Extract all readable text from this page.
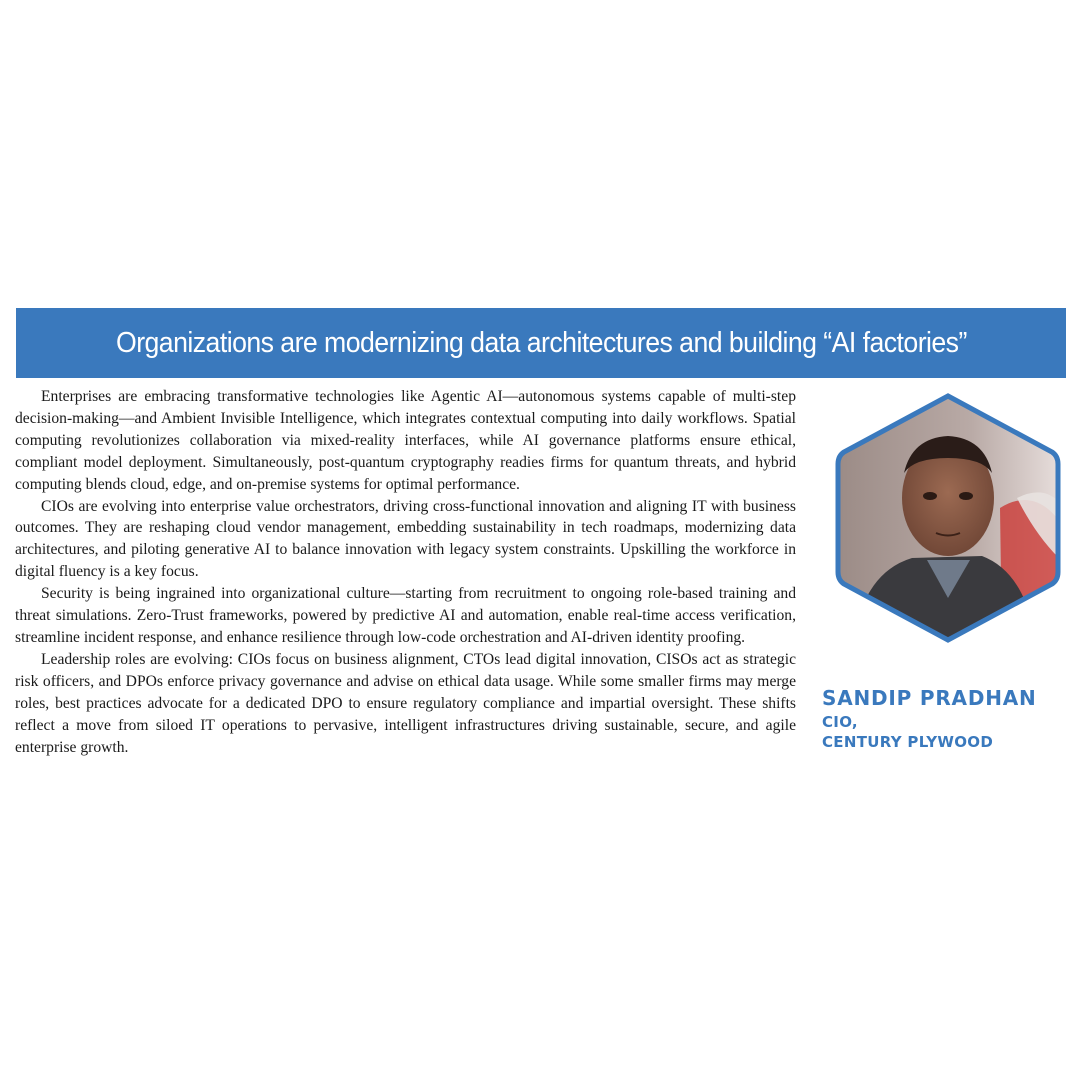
Organizations are modernizing data architectures and building “AI factories”

Enterprises are embracing transformative technologies like Agentic AI—autonomous systems capable of multi-step decision-making—and Ambient Invisible Intelligence, which integrates contextual computing into daily workflows. Spatial computing revolutionizes collaboration via mixed-reality interfaces, while AI governance platforms ensure ethical, compliant model deployment. Simultaneously, post-quantum cryptography readies firms for quantum threats, and hybrid computing blends cloud, edge, and on-premise systems for optimal performance.

CIOs are evolving into enterprise value orchestrators, driving cross-functional innovation and aligning IT with business outcomes. They are reshaping cloud vendor management, embedding sustainability in tech roadmaps, modernizing data architectures, and piloting generative AI to balance innovation with legacy system constraints. Upskilling the workforce in digital fluency is a key focus.

Security is being ingrained into organizational culture—starting from recruitment to ongoing role-based training and threat simulations. Zero-Trust frameworks, powered by predictive AI and automation, enable real-time access verification, streamline incident response, and enhance resilience through low-code orchestration and AI-driven identity proofing.

Leadership roles are evolving: CIOs focus on business alignment, CTOs lead digital innovation, CISOs act as strategic risk officers, and DPOs enforce privacy governance and advise on ethical data usage. While some smaller firms may merge roles, best practices advocate for a dedicated DPO to ensure regulatory compliance and impartial oversight. These shifts reflect a move from siloed IT operations to pervasive, intelligent infrastructures driving sustainable, secure, and agile enterprise growth.

SANDIP PRADHAN
CIO,
CENTURY PLYWOOD
